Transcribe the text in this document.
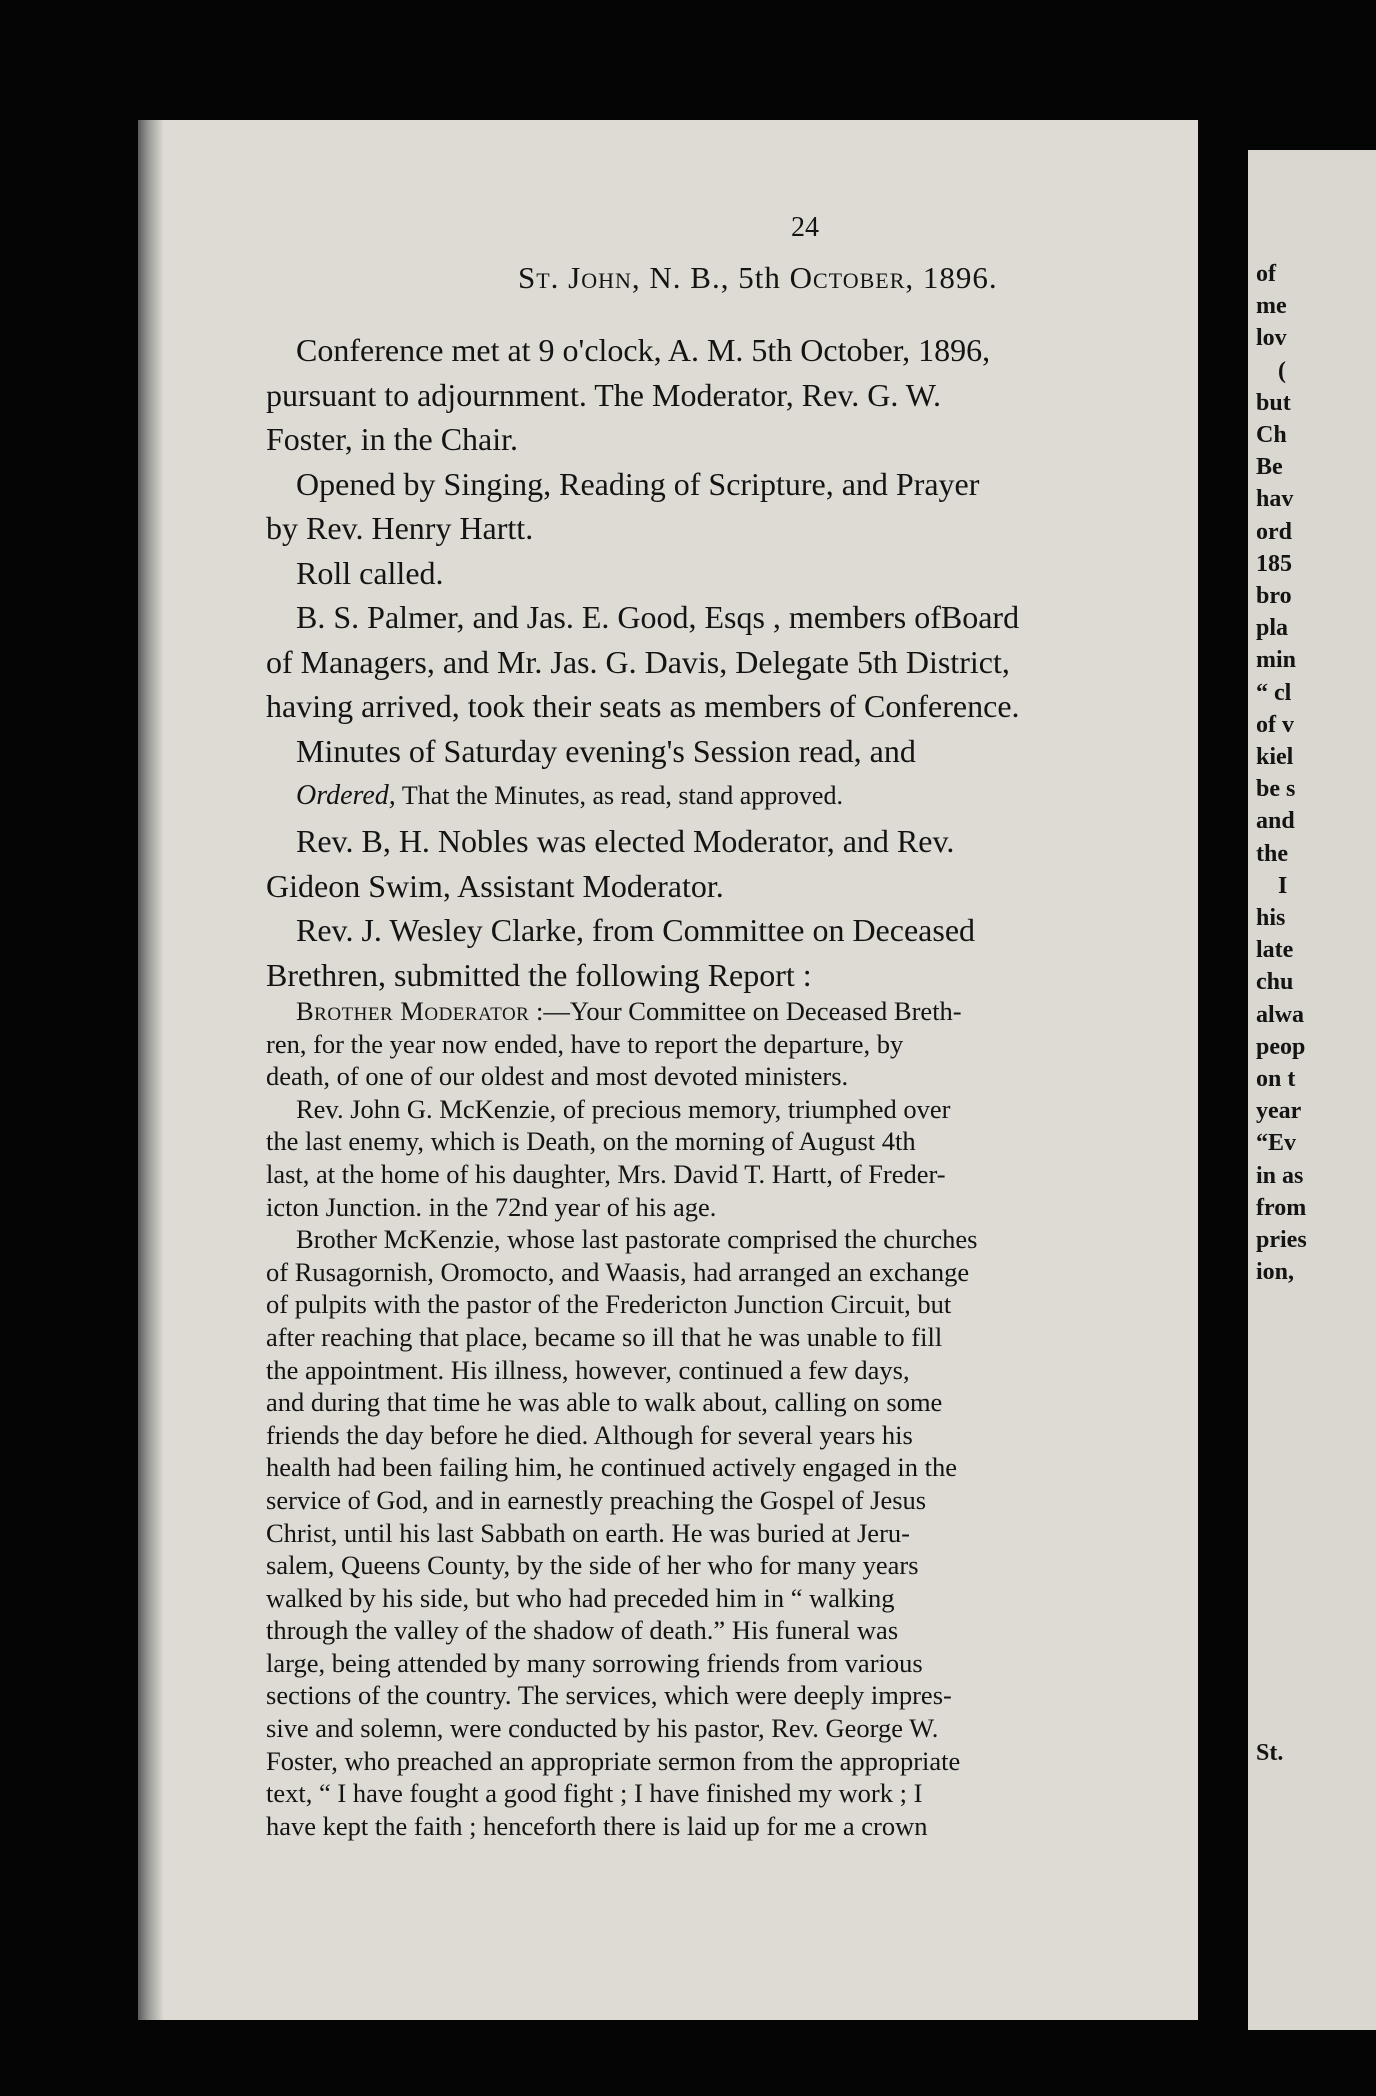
24
St. John, N. B., 5th October, 1896.

Conference met at 9 o'clock, A. M. 5th October, 1896,

pursuant to adjournment. The Moderator, Rev. G. W.

Foster, in the Chair.

Opened by Singing, Reading of Scripture, and Prayer

by Rev. Henry Hartt.

Roll called.

B. S. Palmer, and Jas. E. Good, Esqs , members ofBoard

of Managers, and Mr. Jas. G. Davis, Delegate 5th District,

having arrived, took their seats as members of Conference.

Minutes of Saturday evening's Session read, and

Ordered, That the Minutes, as read, stand approved.

Rev. B, H. Nobles was elected Moderator, and Rev.

Gideon Swim, Assistant Moderator.

Rev. J. Wesley Clarke, from Committee on Deceased

Brethren, submitted the following Report :

Brother Moderator :—Your Committee on Deceased Breth-

ren, for the year now ended, have to report the departure, by

death, of one of our oldest and most devoted ministers.

Rev. John G. McKenzie, of precious memory, triumphed over

the last enemy, which is Death, on the morning of August 4th

last, at the home of his daughter, Mrs. David T. Hartt, of Freder-

icton Junction. in the 72nd year of his age.

Brother McKenzie, whose last pastorate comprised the churches

of Rusagornish, Oromocto, and Waasis, had arranged an exchange

of pulpits with the pastor of the Fredericton Junction Circuit, but

after reaching that place, became so ill that he was unable to fill

the appointment. His illness, however, continued a few days,

and during that time he was able to walk about, calling on some

friends the day before he died. Although for several years his

health had been failing him, he continued actively engaged in the

service of God, and in earnestly preaching the Gospel of Jesus

Christ, until his last Sabbath on earth. He was buried at Jeru-

salem, Queens County, by the side of her who for many years

walked by his side, but who had preceded him in “ walking

through the valley of the shadow of death.” His funeral was

large, being attended by many sorrowing friends from various

sections of the country. The services, which were deeply impres-

sive and solemn, were conducted by his pastor, Rev. George W.

Foster, who preached an appropriate sermon from the appropriate

text, “ I have fought a good fight ; I have finished my work ; I

have kept the faith ; henceforth there is laid up for me a crown

of

me

lov

(

but

Ch

Be

hav

ord

185

bro

pla

min

“ cl

of v

kiel

be s

and

the

I

his

late

chu

alwa

peop

on t

year

“Ev

in as

from

pries

ion,

St.
